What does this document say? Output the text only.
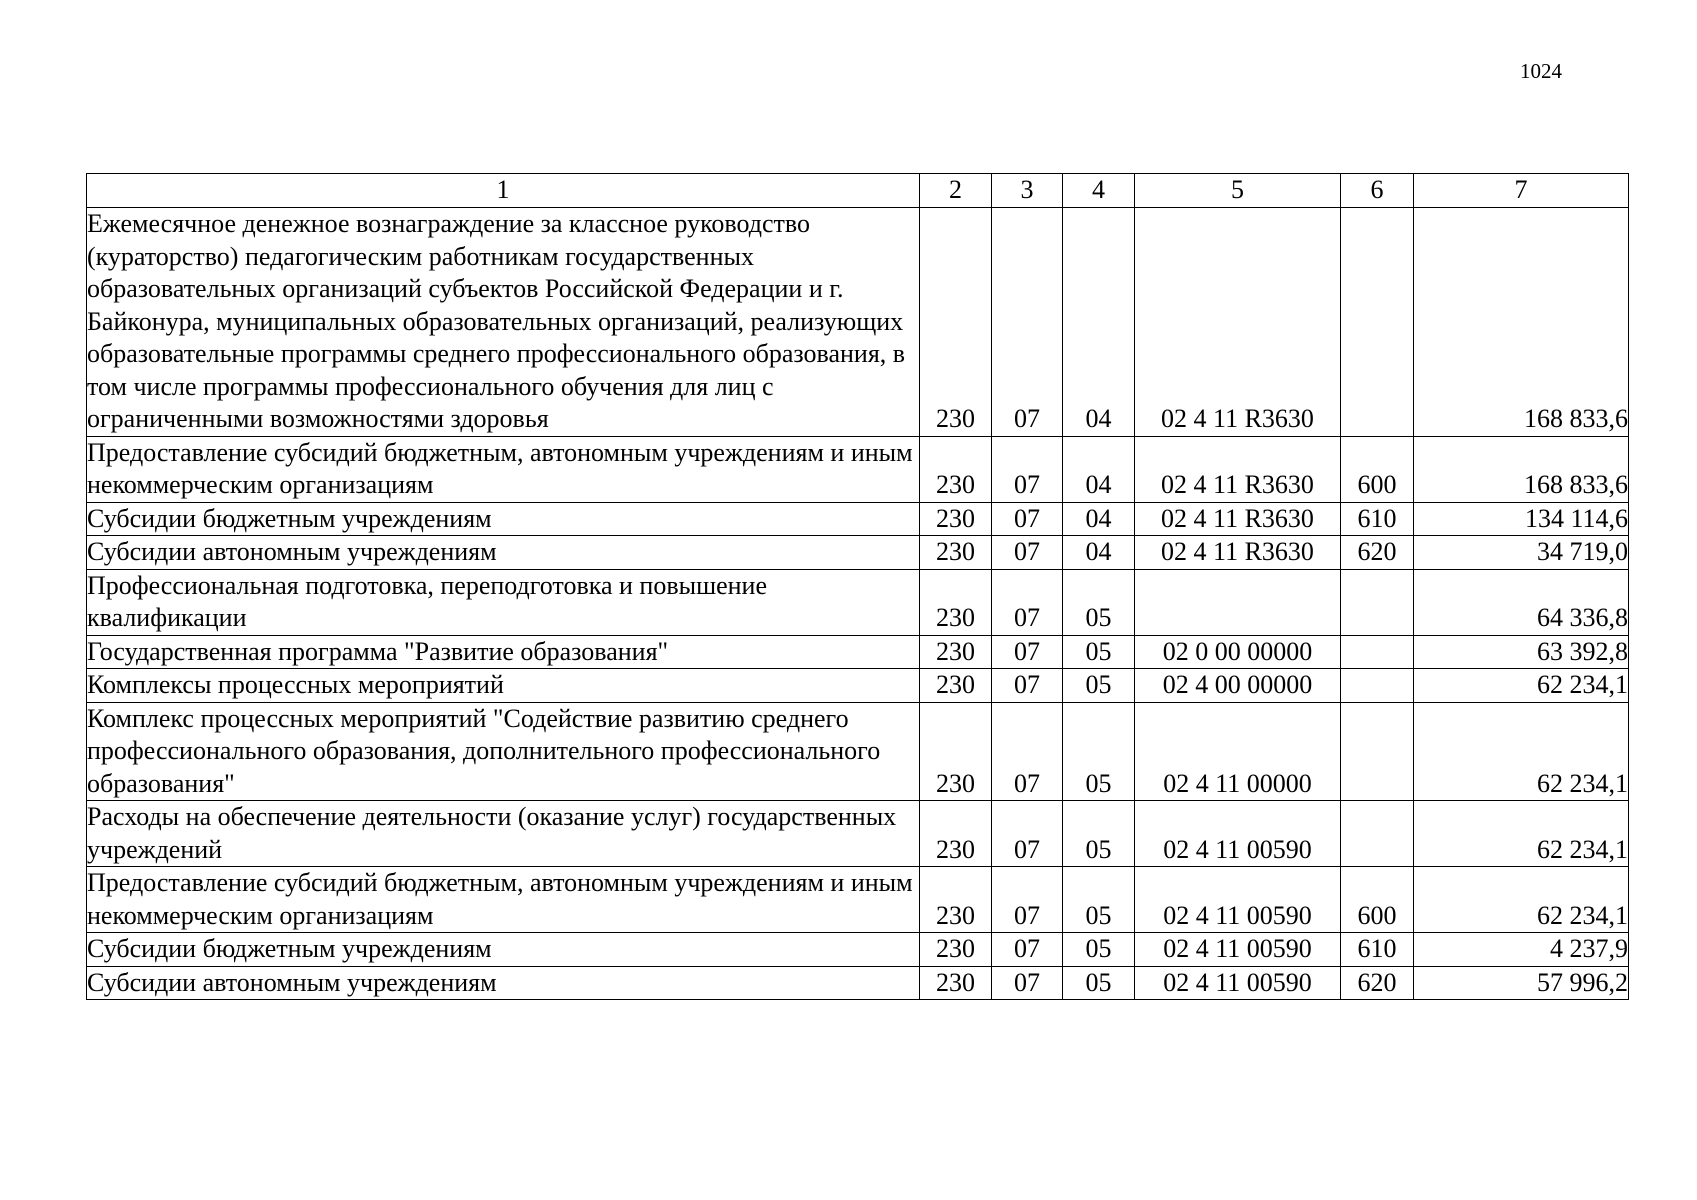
1024
1	2	3	4	5	6	7
Ежемесячное денежное вознаграждение за классное руководство (кураторство) педагогическим работникам государственных образовательных организаций субъектов Российской Федерации и г. Байконура, муниципальных образовательных организаций, реализующих образовательные программы среднего профессионального образования, в том числе программы профессионального обучения для лиц с ограниченными возможностями здоровья	230	07	04	02 4 11 R3630		168 833,6
Предоставление субсидий бюджетным, автономным учреждениям и иным некоммерческим организациям	230	07	04	02 4 11 R3630	600	168 833,6
Субсидии бюджетным учреждениям	230	07	04	02 4 11 R3630	610	134 114,6
Субсидии автономным учреждениям	230	07	04	02 4 11 R3630	620	34 719,0
Профессиональная подготовка, переподготовка и повышение квалификации	230	07	05			64 336,8
Государственная программа "Развитие образования"	230	07	05	02 0 00 00000		63 392,8
Комплексы процессных мероприятий	230	07	05	02 4 00 00000		62 234,1
Комплекс процессных мероприятий "Содействие развитию среднего профессионального образования, дополнительного профессионального образования"	230	07	05	02 4 11 00000		62 234,1
Расходы на обеспечение деятельности (оказание услуг) государственных учреждений	230	07	05	02 4 11 00590		62 234,1
Предоставление субсидий бюджетным, автономным учреждениям и иным некоммерческим организациям	230	07	05	02 4 11 00590	600	62 234,1
Субсидии бюджетным учреждениям	230	07	05	02 4 11 00590	610	4 237,9
Субсидии автономным учреждениям	230	07	05	02 4 11 00590	620	57 996,2
